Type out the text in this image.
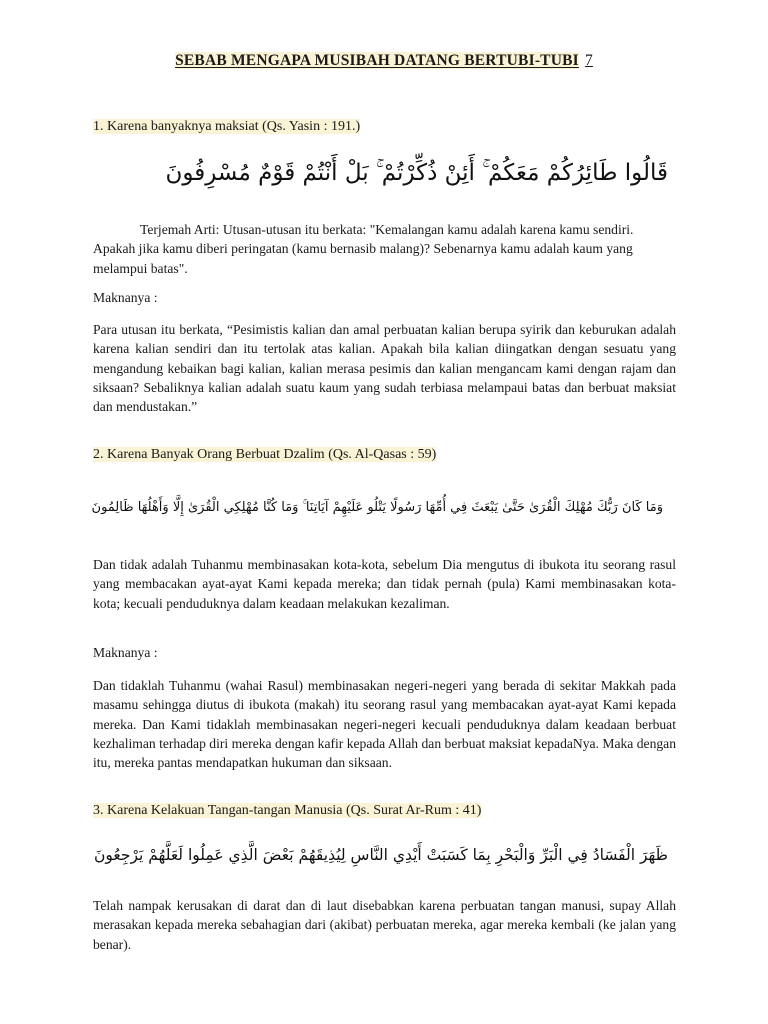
SEBAB MENGAPA MUSIBAH DATANG BERTUBI-TUBI 7
1. Karena banyaknya maksiat (Qs. Yasin : 191.)
قَالُوا طَائِرُكُمْ مَعَكُمْ ۚ أَئِنْ ذُكِّرْتُمْ ۚ بَلْ أَنْتُمْ قَوْمٌ مُسْرِفُونَ
Terjemah Arti: Utusan-utusan itu berkata: "Kemalangan kamu adalah karena kamu sendiri. Apakah jika kamu diberi peringatan (kamu bernasib malang)? Sebenarnya kamu adalah kaum yang melampui batas".
Maknanya :
Para utusan itu berkata, “Pesimistis kalian dan amal perbuatan kalian berupa syirik dan keburukan adalah karena kalian sendiri dan itu tertolak atas kalian. Apakah bila kalian diingatkan dengan sesuatu yang mengandung kebaikan bagi kalian, kalian merasa pesimis dan kalian mengancam kami dengan rajam dan siksaan? Sebaliknya kalian adalah suatu kaum yang sudah terbiasa melampaui batas dan berbuat maksiat dan mendustakan.”
2. Karena Banyak Orang Berbuat Dzalim (Qs. Al-Qasas : 59)
وَمَا كَانَ رَبُّكَ مُهْلِكَ الْقُرَىٰ حَتَّىٰ يَبْعَثَ فِي أُمِّهَا رَسُولًا يَتْلُو عَلَيْهِمْ آيَاتِنَا ۚ وَمَا كُنَّا مُهْلِكِي الْقُرَىٰ إِلَّا وَأَهْلُهَا ظَالِمُونَ
Dan tidak adalah Tuhanmu membinasakan kota-kota, sebelum Dia mengutus di ibukota itu seorang rasul yang membacakan ayat-ayat Kami kepada mereka; dan tidak pernah (pula) Kami membinasakan kota-kota; kecuali penduduknya dalam keadaan melakukan kezaliman.
Maknanya :
Dan tidaklah Tuhanmu (wahai Rasul) membinasakan negeri-negeri yang berada di sekitar Makkah pada masamu sehingga diutus di ibukota (makah) itu seorang rasul yang membacakan ayat-ayat Kami kepada mereka. Dan Kami tidaklah membinasakan negeri-negeri kecuali penduduknya dalam keadaan berbuat kezhaliman terhadap diri mereka dengan kafir kepada Allah dan berbuat maksiat kepadaNya. Maka dengan itu, mereka pantas mendapatkan hukuman dan siksaan.
3. Karena Kelakuan Tangan-tangan Manusia (Qs. Surat Ar-Rum : 41)
ظَهَرَ الْفَسَادُ فِي الْبَرِّ وَالْبَحْرِ بِمَا كَسَبَتْ أَيْدِي النَّاسِ لِيُذِيقَهُمْ بَعْضَ الَّذِي عَمِلُوا لَعَلَّهُمْ يَرْجِعُونَ
Telah nampak kerusakan di darat dan di laut disebabkan karena perbuatan tangan manusi, supay Allah merasakan kepada mereka sebahagian dari (akibat) perbuatan mereka, agar mereka kembali (ke jalan yang benar).
